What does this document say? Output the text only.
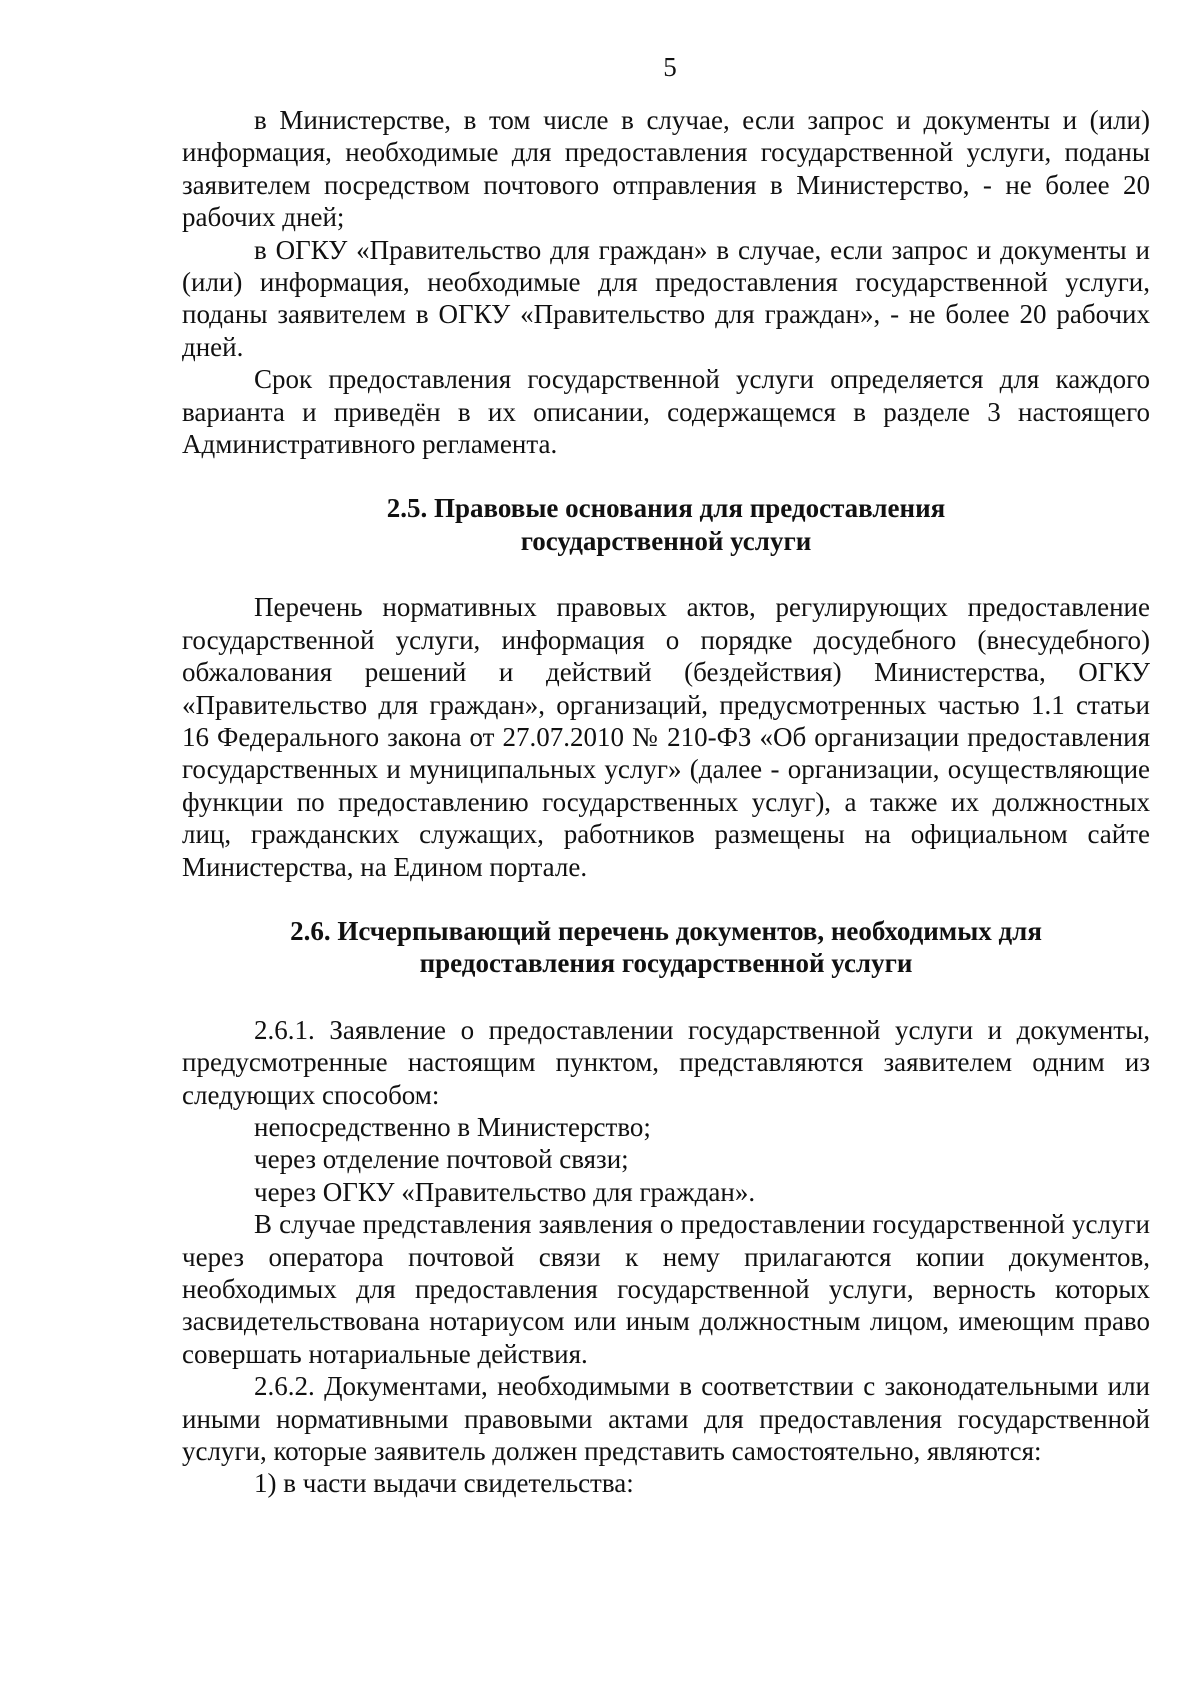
5

в Министерстве, в том числе в случае, если запрос и документы и (или) информация, необходимые для предоставления государственной услуги, поданы заявителем посредством почтового отправления в Министерство, - не более 20 рабочих дней;

в ОГКУ «Правительство для граждан» в случае, если запрос и документы и (или) информация, необходимые для предоставления государственной услуги, поданы заявителем в ОГКУ «Правительство для граждан», - не более 20 рабочих дней.

Срок предоставления государственной услуги определяется для каждого варианта и приведён в их описании, содержащемся в разделе 3 настоящего Административного регламента.

2.5. Правовые основания для предоставления
государственной услуги

Перечень нормативных правовых актов, регулирующих предоставление государственной услуги, информация о порядке досудебного (внесудебного) обжалования решений и действий (бездействия) Министерства, ОГКУ «Правительство для граждан», организаций, предусмотренных частью 1.1 статьи 16 Федерального закона от 27.07.2010 № 210-ФЗ «Об организации предоставления государственных и муниципальных услуг» (далее - организации, осуществляющие функции по предоставлению государственных услуг), а также их должностных лиц, гражданских служащих, работников размещены на официальном сайте Министерства, на Едином портале.

2.6. Исчерпывающий перечень документов, необходимых для
предоставления государственной услуги

2.6.1. Заявление о предоставлении государственной услуги и документы, предусмотренные настоящим пунктом, представляются заявителем одним из следующих способом:

непосредственно в Министерство;

через отделение почтовой связи;

через ОГКУ «Правительство для граждан».

В случае представления заявления о предоставлении государственной услуги через оператора почтовой связи к нему прилагаются копии документов, необходимых для предоставления государственной услуги, верность которых засвидетельствована нотариусом или иным должностным лицом, имеющим право совершать нотариальные действия.

2.6.2. Документами, необходимыми в соответствии с законодательными или иными нормативными правовыми актами для предоставления государственной услуги, которые заявитель должен представить самостоятельно, являются:

1) в части выдачи свидетельства:
